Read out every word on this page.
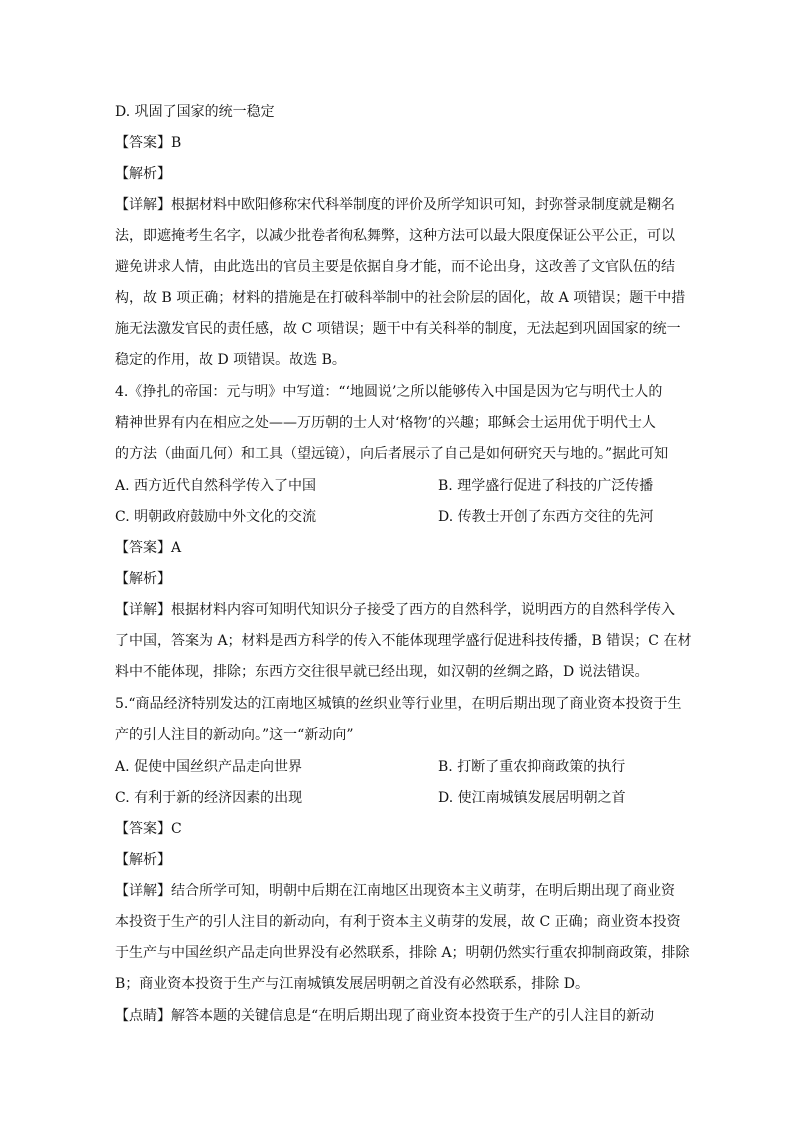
D. 巩固了国家的统一稳定
【答案】B
【解析】
【详解】根据材料中欧阳修称宋代科举制度的评价及所学知识可知，封弥誉录制度就是糊名
法，即遮掩考生名字，以减少批卷者徇私舞弊，这种方法可以最大限度保证公平公正，可以
避免讲求人情，由此选出的官员主要是依据自身才能，而不论出身，这改善了文官队伍的结
构，故 B 项正确；材料的措施是在打破科举制中的社会阶层的固化，故 A 项错误；题干中措
施无法激发官民的责任感，故 C 项错误；题干中有关科举的制度，无法起到巩固国家的统一
稳定的作用，故 D 项错误。故选 B。
4.《挣扎的帝国：元与明》中写道：“‘地圆说’之所以能够传入中国是因为它与明代士人的
精神世界有内在相应之处——万历朝的士人对‘格物’的兴趣；耶稣会士运用优于明代士人
的方法（曲面几何）和工具（望远镜），向后者展示了自己是如何研究天与地的。”据此可知
A. 西方近代自然科学传入了中国	B. 理学盛行促进了科技的广泛传播
C. 明朝政府鼓励中外文化的交流	D. 传教士开创了东西方交往的先河
【答案】A
【解析】
【详解】根据材料内容可知明代知识分子接受了西方的自然科学，说明西方的自然科学传入
了中国，答案为 A；材料是西方科学的传入不能体现理学盛行促进科技传播，B 错误；C 在材
料中不能体现，排除；东西方交往很早就已经出现，如汉朝的丝绸之路，D 说法错误。
5.“商品经济特别发达的江南地区城镇的丝织业等行业里，在明后期出现了商业资本投资于生
产的引人注目的新动向。”这一“新动向”
A. 促使中国丝织产品走向世界	B. 打断了重农抑商政策的执行
C. 有利于新的经济因素的出现	D. 使江南城镇发展居明朝之首
【答案】C
【解析】
【详解】结合所学可知，明朝中后期在江南地区出现资本主义萌芽，在明后期出现了商业资
本投资于生产的引人注目的新动向，有利于资本主义萌芽的发展，故 C 正确；商业资本投资
于生产与中国丝织产品走向世界没有必然联系，排除 A；明朝仍然实行重农抑制商政策，排除
B；商业资本投资于生产与江南城镇发展居明朝之首没有必然联系，排除 D。
【点睛】解答本题的关键信息是“在明后期出现了商业资本投资于生产的引人注目的新动
